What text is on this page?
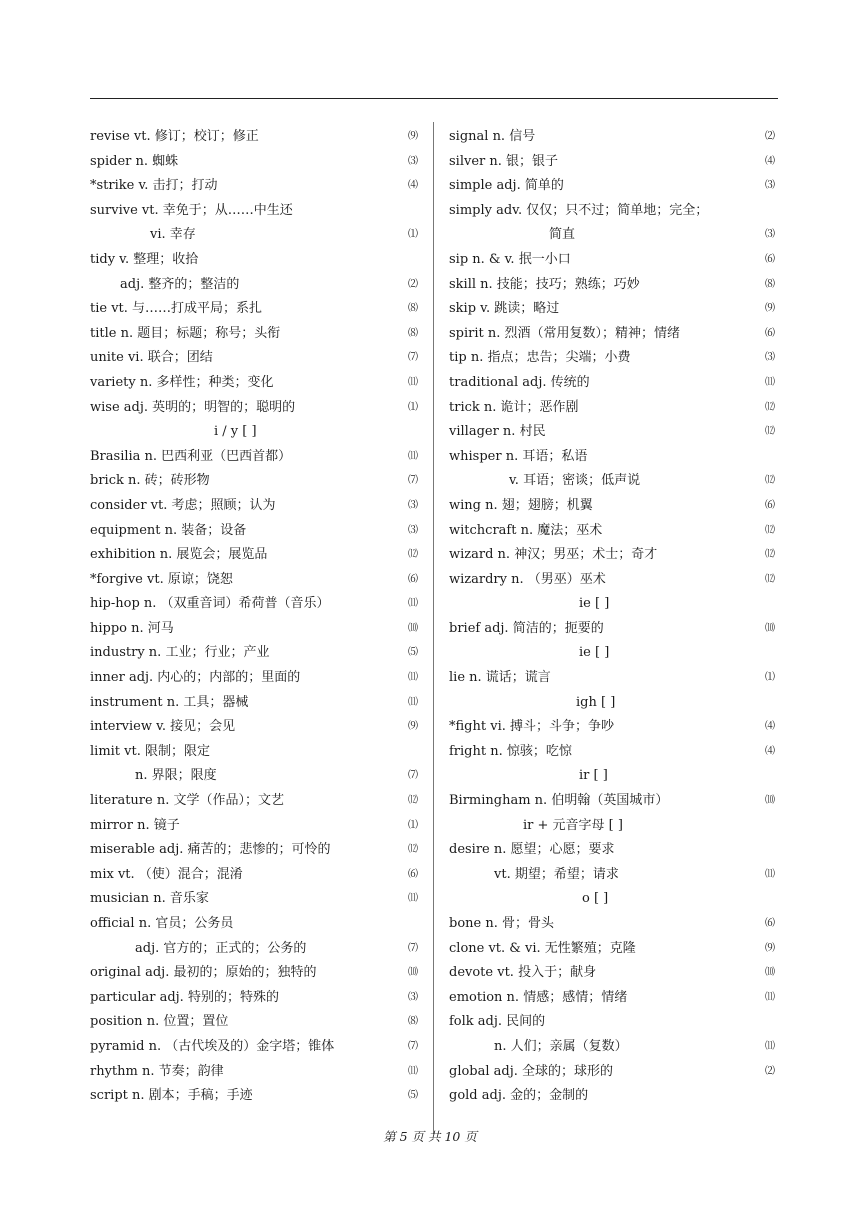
revise vt. 修订；校订；修正	⑼
spider n. 蜘蛛	⑶
*strike v. 击打；打动	⑷
survive vt. 幸免于；从……中生还
vi. 幸存	⑴
tidy v. 整理；收拾
adj. 整齐的；整洁的	⑵
tie vt. 与……打成平局；系扎	⑻
title n. 题目；标题；称号；头衔	⑻
unite vi. 联合；团结	⑺
variety n. 多样性；种类；变化	⑾
wise adj. 英明的；明智的；聪明的	⑴
i / y [ ]
Brasilia n. 巴西利亚（巴西首都）	⑾
brick n. 砖；砖形物	⑺
consider vt. 考虑；照顾；认为	⑶
equipment n. 装备；设备	⑶
exhibition n. 展览会；展览品	⑿
*forgive vt. 原谅；饶恕	⑹
hip-hop n. （双重音词）希荷普（音乐）	⑾
hippo n. 河马	⑽
industry n. 工业；行业；产业	⑸
inner adj. 内心的；内部的；里面的	⑾
instrument n. 工具；器械	⑾
interview v. 接见；会见	⑼
limit vt. 限制；限定
n. 界限；限度	⑺
literature n. 文学（作品）；文艺	⑿
mirror n. 镜子	⑴
miserable adj. 痛苦的；悲惨的；可怜的	⑿
mix vt. （使）混合；混淆	⑹
musician n. 音乐家	⑾
official n. 官员；公务员
adj. 官方的；正式的；公务的	⑺
original adj. 最初的；原始的；独特的	⑽
particular adj. 特别的；特殊的	⑶
position n. 位置；置位	⑻
pyramid n. （古代埃及的）金字塔；锥体	⑺
rhythm n. 节奏；韵律	⑾
script n. 剧本；手稿；手迹	⑸
signal n. 信号	⑵
silver n. 银；银子	⑷
simple adj. 简单的	⑶
simply adv. 仅仅；只不过；简单地；完全；
简直	⑶
sip n. & v. 抿一小口	⑹
skill n. 技能；技巧；熟练；巧妙	⑻
skip v. 跳读；略过	⑼
spirit n. 烈酒（常用复数）；精神；情绪	⑹
tip n. 指点；忠告；尖端；小费	⑶
traditional adj. 传统的	⑾
trick n. 诡计；恶作剧	⑿
villager n. 村民	⑿
whisper n. 耳语；私语
v. 耳语；密谈；低声说	⑿
wing n. 翅；翅膀；机翼	⑹
witchcraft n. 魔法；巫术	⑿
wizard n. 神汉；男巫；术士；奇才	⑿
wizardry n. （男巫）巫术	⑿
ie [ ]
brief adj. 简洁的；扼要的	⑽
ie [ ]
lie n. 谎话；谎言	⑴
igh [ ]
*fight vi. 搏斗；斗争；争吵	⑷
fright n. 惊骇；吃惊	⑷
ir [ ]
Birmingham n. 伯明翰（英国城市）	⑽
ir + 元音字母 [ ]
desire n. 愿望；心愿；要求
vt. 期望；希望；请求	⑾
o [ ]
bone n. 骨；骨头	⑹
clone vt. & vi. 无性繁殖；克隆	⑼
devote vt. 投入于；献身	⑽
emotion n. 情感；感情；情绪	⑾
folk adj. 民间的
n. 人们；亲属（复数）	⑾
global adj. 全球的；球形的	⑵
gold adj. 金的；金制的
第 5 页 共 10 页
